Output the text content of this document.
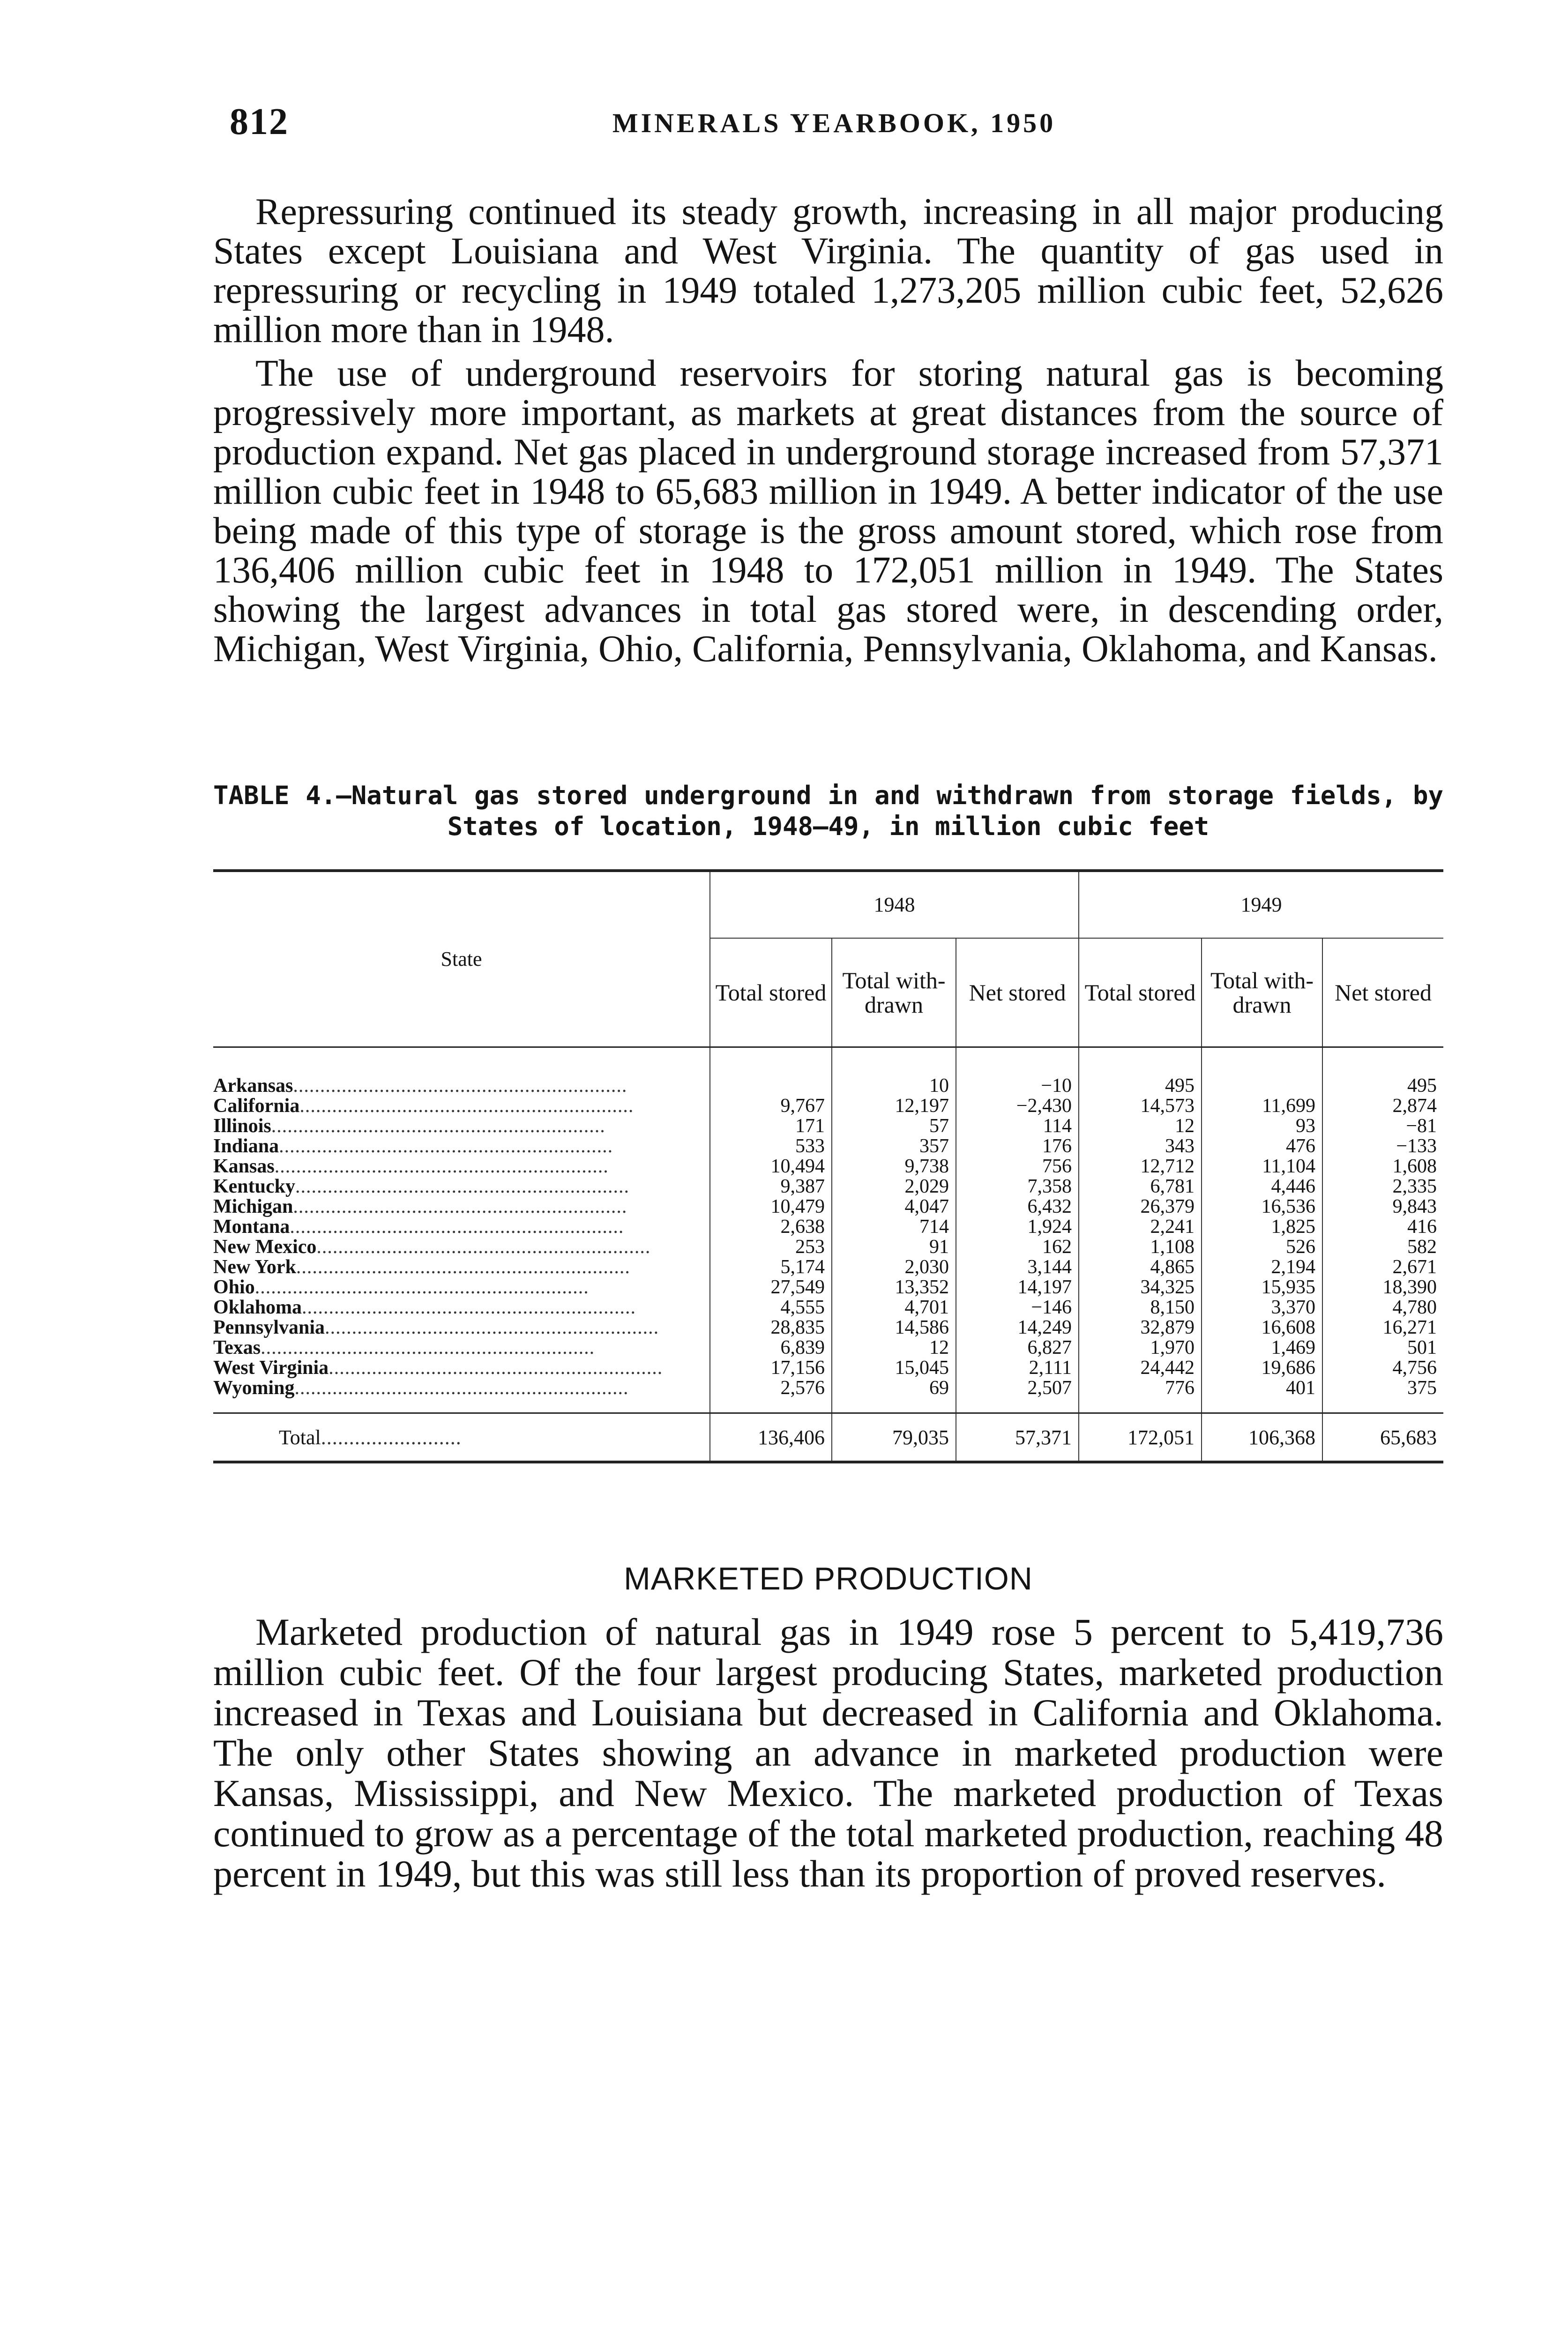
812	MINERALS YEARBOOK, 1950

Repressuring continued its steady growth, increasing in all major producing States except Louisiana and West Virginia. The quantity of gas used in repressuring or recycling in 1949 totaled 1,273,205 million cubic feet, 52,626 million more than in 1948.

The use of underground reservoirs for storing natural gas is becoming progressively more important, as markets at great distances from the source of production expand. Net gas placed in underground storage increased from 57,371 million cubic feet in 1948 to 65,683 million in 1949. A better indicator of the use being made of this type of storage is the gross amount stored, which rose from 136,406 million cubic feet in 1948 to 172,051 million in 1949. The States showing the largest advances in total gas stored were, in descending order, Michigan, West Virginia, Ohio, California, Pennsylvania, Oklahoma, and Kansas.

TABLE 4.—Natural gas stored underground in and withdrawn from storage fields, by States of location, 1948–49, in million cubic feet

State	1948			1949		
	Total stored	Total with-drawn	Net stored	Total stored	Total with-drawn	Net stored
Arkansas..............................................................		10	−10	495		495
California..............................................................	9,767	12,197	−2,430	14,573	11,699	2,874
Illinois..............................................................	171	57	114	12	93	−81
Indiana..............................................................	533	357	176	343	476	−133
Kansas..............................................................	10,494	9,738	756	12,712	11,104	1,608
Kentucky..............................................................	9,387	2,029	7,358	6,781	4,446	2,335
Michigan..............................................................	10,479	4,047	6,432	26,379	16,536	9,843
Montana..............................................................	2,638	714	1,924	2,241	1,825	416
New Mexico..............................................................	253	91	162	1,108	526	582
New York..............................................................	5,174	2,030	3,144	4,865	2,194	2,671
Ohio..............................................................	27,549	13,352	14,197	34,325	15,935	18,390
Oklahoma..............................................................	4,555	4,701	−146	8,150	3,370	4,780
Pennsylvania..............................................................	28,835	14,586	14,249	32,879	16,608	16,271
Texas..............................................................	6,839	12	6,827	1,970	1,469	501
West Virginia..............................................................	17,156	15,045	2,111	24,442	19,686	4,756
Wyoming..............................................................	2,576	69	2,507	776	401	375
Total.........................	136,406	79,035	57,371	172,051	106,368	65,683
MARKETED PRODUCTION

Marketed production of natural gas in 1949 rose 5 percent to 5,419,736 million cubic feet. Of the four largest producing States, marketed production increased in Texas and Louisiana but decreased in California and Oklahoma. The only other States showing an advance in marketed production were Kansas, Mississippi, and New Mexico. The marketed production of Texas continued to grow as a percentage of the total marketed production, reaching 48 percent in 1949, but this was still less than its proportion of proved reserves.
